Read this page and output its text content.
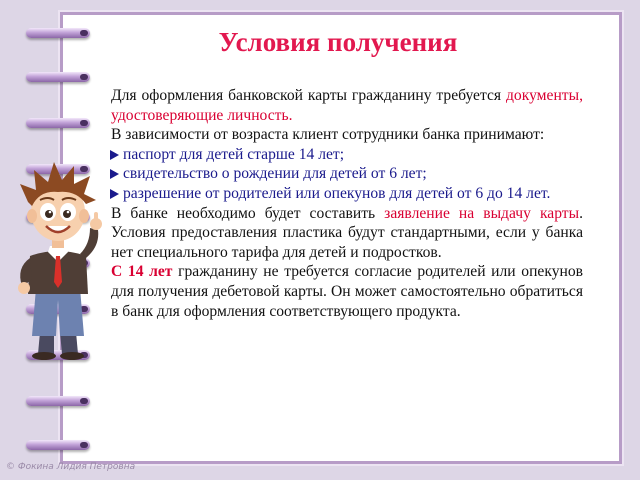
Условия получения

Для оформления банковской карты гражданину требуется документы, удостоверяющие личность.

В зависимости от возраста клиент сотрудники банка принимают:

паспорт для детей старше 14 лет;
свидетельство о рождении для детей от 6 лет;
разрешение от родителей или опекунов для детей от 6 до 14 лет.

В банке необходимо будет составить заявление на выдачу карты. Условия предоставления пластика будут стандартными, если у банка нет специального тарифа для детей и подростков.

С 14 лет гражданину не требуется согласие родителей или опекунов для получения дебетовой карты. Он может самостоятельно обратиться в банк для оформления соответствующего продукта.

© Фокина Лидия Петровна
